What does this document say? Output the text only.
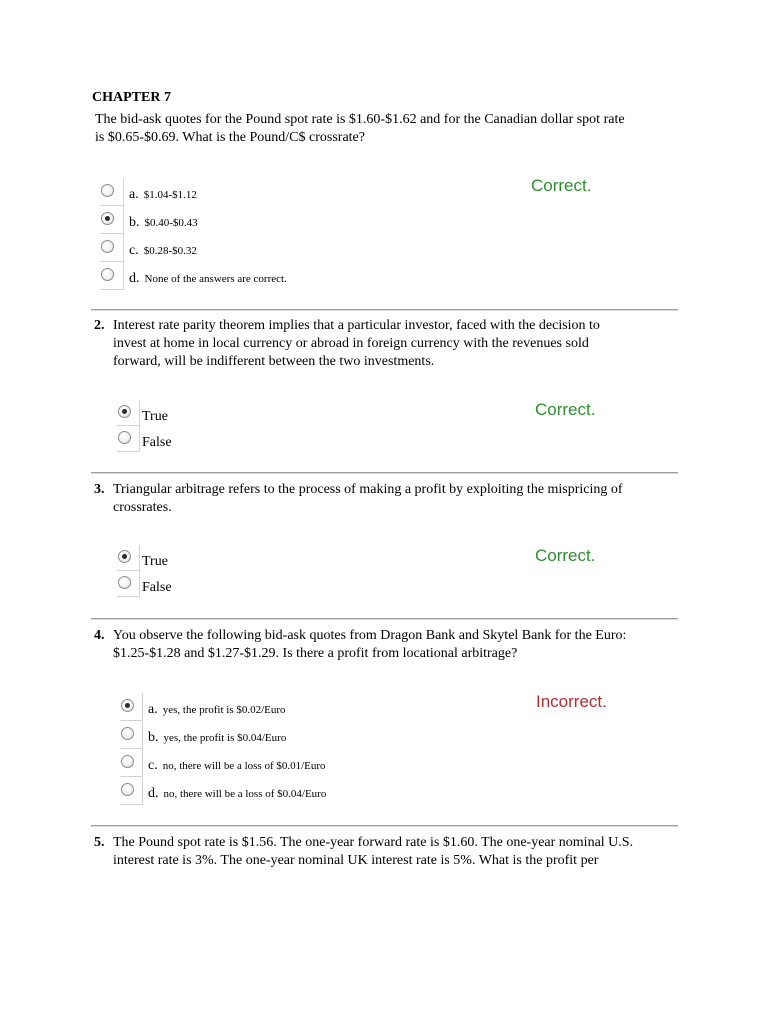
CHAPTER 7
The bid-ask quotes for the Pound spot rate is $1.60-$1.62 and for the Canadian dollar spot rate
is $0.65-$0.69. What is the Pound/C$ crossrate?
Correct.
a. $1.04-$1.12
b. $0.40-$0.43
c. $0.28-$0.32
d. None of the answers are correct.
2. Interest rate parity theorem implies that a particular investor, faced with the decision to
invest at home in local currency or abroad in foreign currency with the revenues sold
forward, will be indifferent between the two investments.
Correct.
True
False
3. Triangular arbitrage refers to the process of making a profit by exploiting the mispricing of
crossrates.
Correct.
True
False
4. You observe the following bid-ask quotes from Dragon Bank and Skytel Bank for the Euro:
$1.25-$1.28 and $1.27-$1.29. Is there a profit from locational arbitrage?
Incorrect.
a. yes, the profit is $0.02/Euro
b. yes, the profit is $0.04/Euro
c. no, there will be a loss of $0.01/Euro
d. no, there will be a loss of $0.04/Euro
5. The Pound spot rate is $1.56. The one-year forward rate is $1.60. The one-year nominal U.S.
interest rate is 3%. The one-year nominal UK interest rate is 5%. What is the profit per
